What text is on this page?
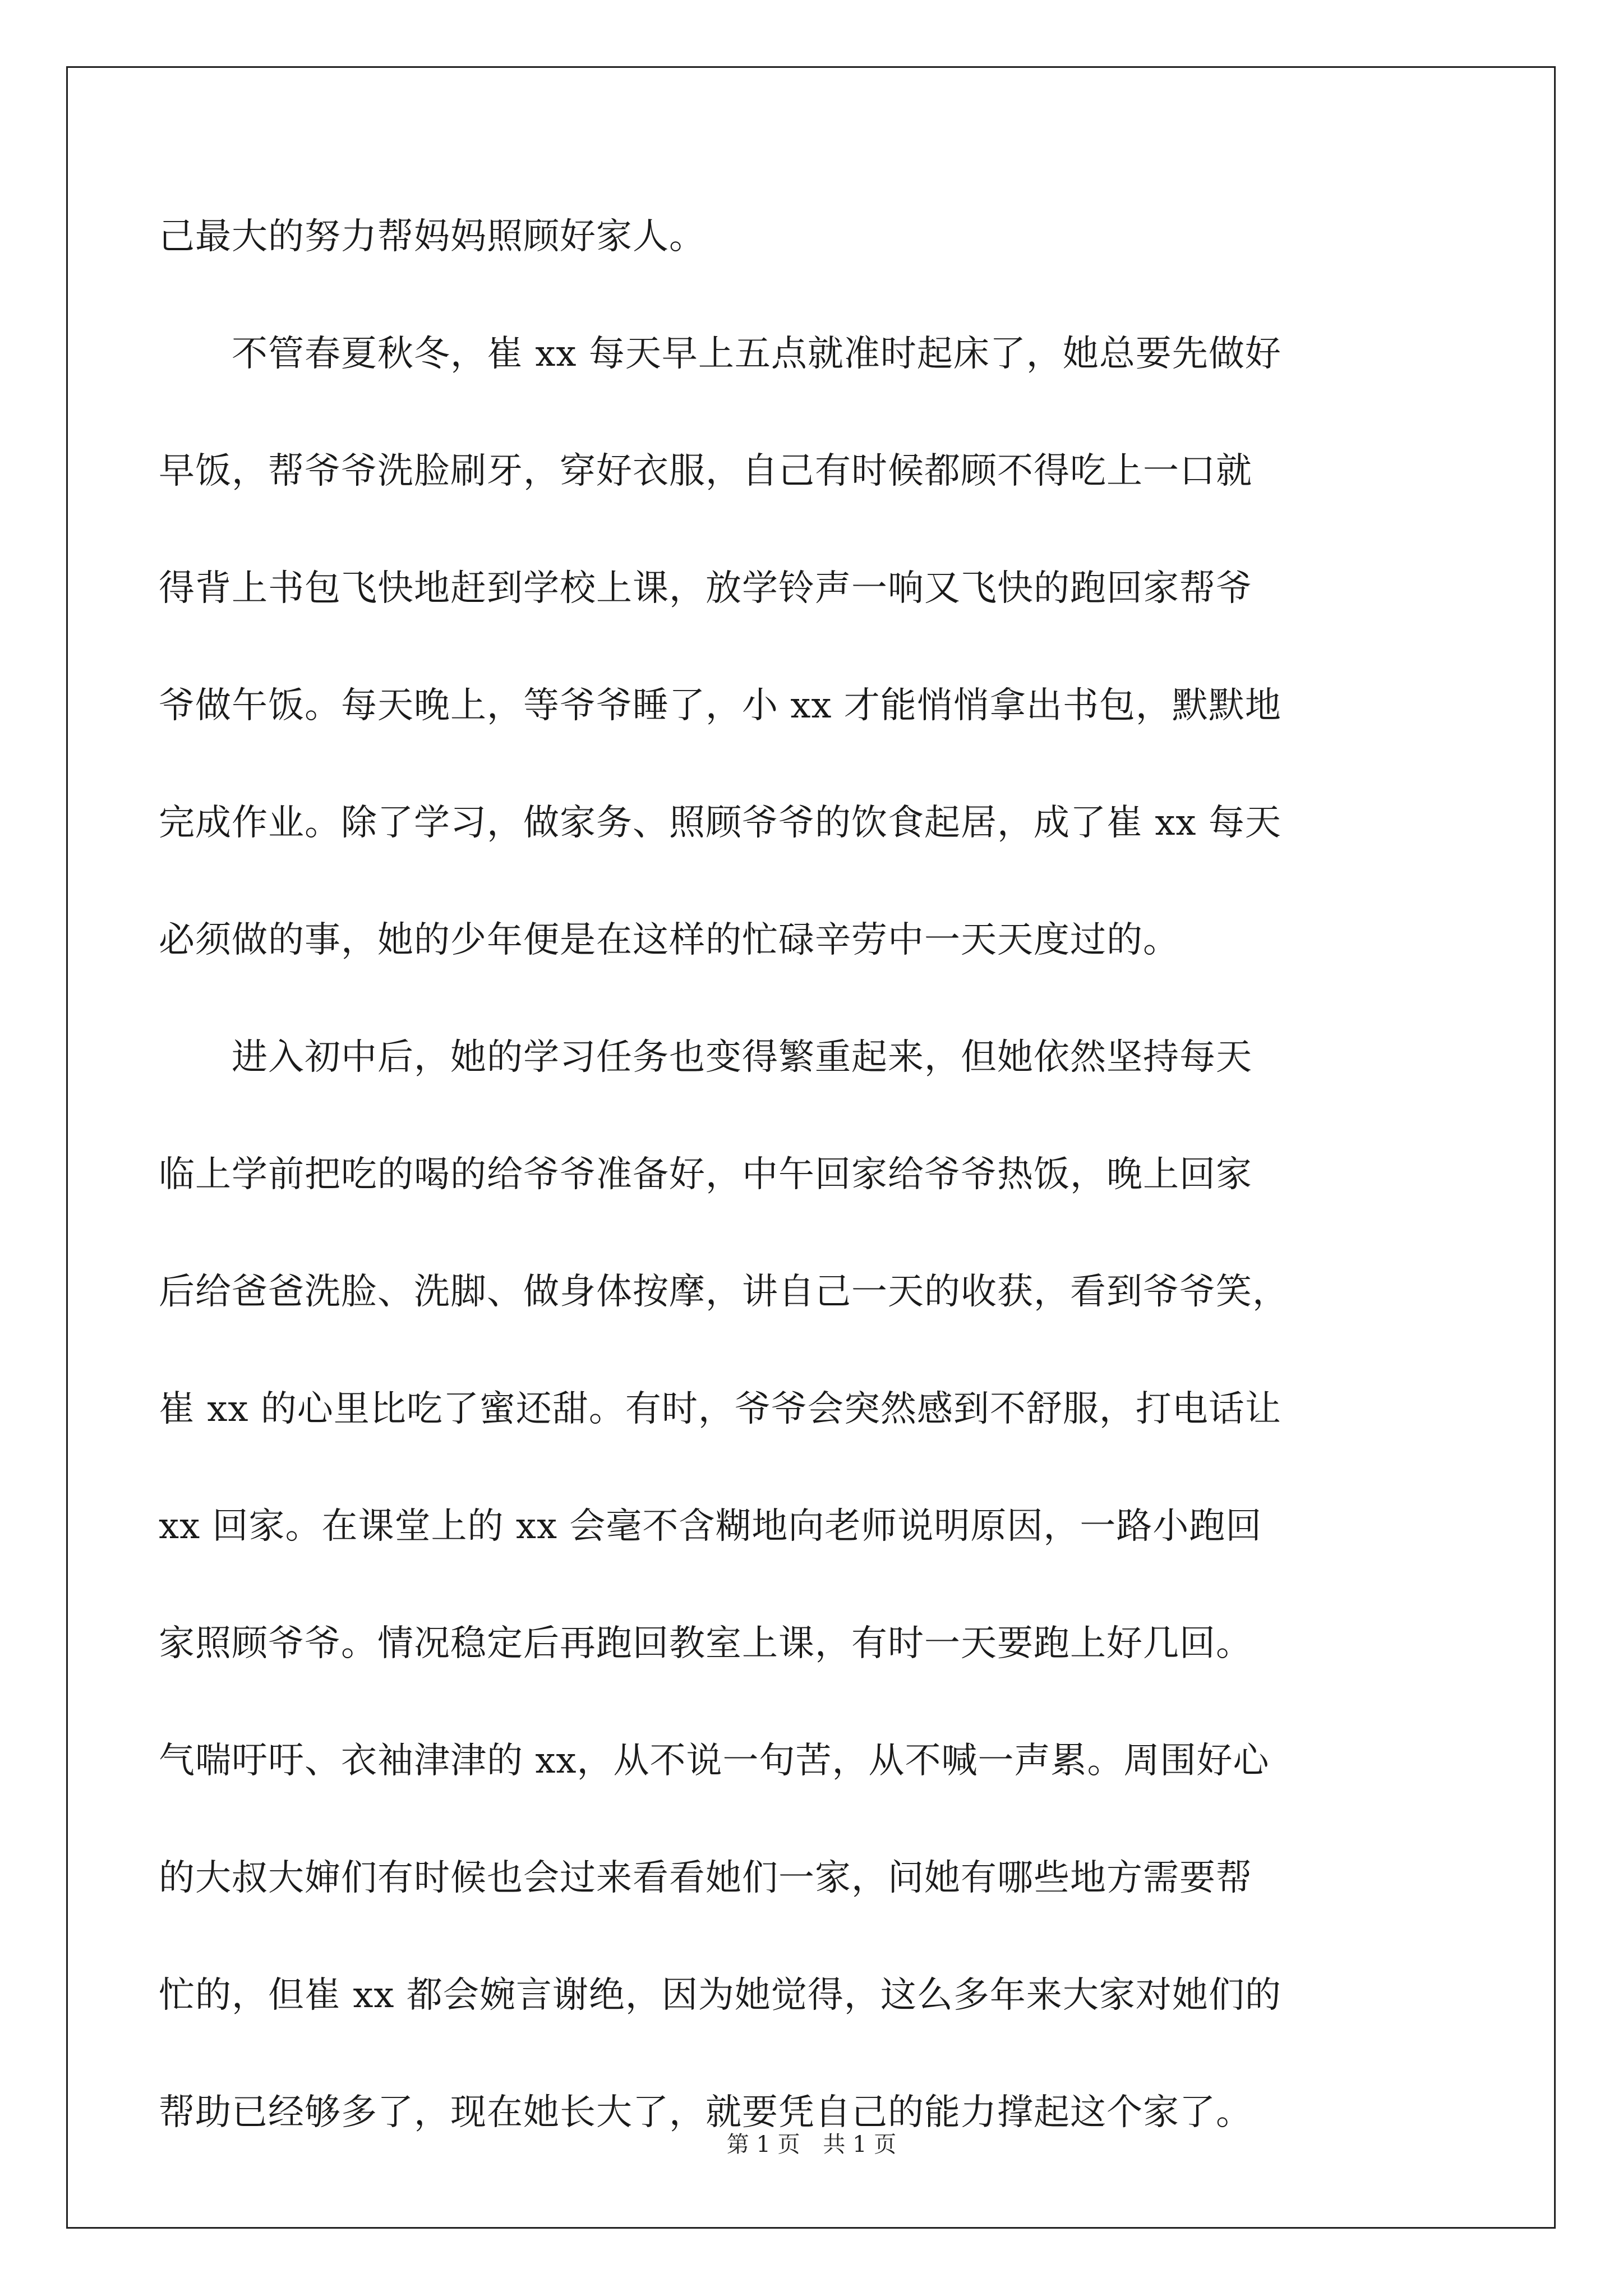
己最大的努力帮妈妈照顾好家人。
　　不管春夏秋冬，崔 xx 每天早上五点就准时起床了，她总要先做好
早饭，帮爷爷洗脸刷牙，穿好衣服，自己有时候都顾不得吃上一口就
得背上书包飞快地赶到学校上课，放学铃声一响又飞快的跑回家帮爷
爷做午饭。每天晚上，等爷爷睡了，小 xx 才能悄悄拿出书包，默默地
完成作业。除了学习，做家务、照顾爷爷的饮食起居，成了崔 xx 每天
必须做的事，她的少年便是在这样的忙碌辛劳中一天天度过的。
　　进入初中后，她的学习任务也变得繁重起来，但她依然坚持每天
临上学前把吃的喝的给爷爷准备好，中午回家给爷爷热饭，晚上回家
后给爸爸洗脸、洗脚、做身体按摩，讲自己一天的收获，看到爷爷笑，
崔 xx 的心里比吃了蜜还甜。有时，爷爷会突然感到不舒服，打电话让
xx 回家。在课堂上的 xx 会毫不含糊地向老师说明原因，一路小跑回
家照顾爷爷。情况稳定后再跑回教室上课，有时一天要跑上好几回。
气喘吁吁、衣袖津津的 xx，从不说一句苦，从不喊一声累。周围好心
的大叔大婶们有时候也会过来看看她们一家，问她有哪些地方需要帮
忙的，但崔 xx 都会婉言谢绝，因为她觉得，这么多年来大家对她们的
帮助已经够多了，现在她长大了，就要凭自己的能力撑起这个家了。
第 1 页 共 1 页
